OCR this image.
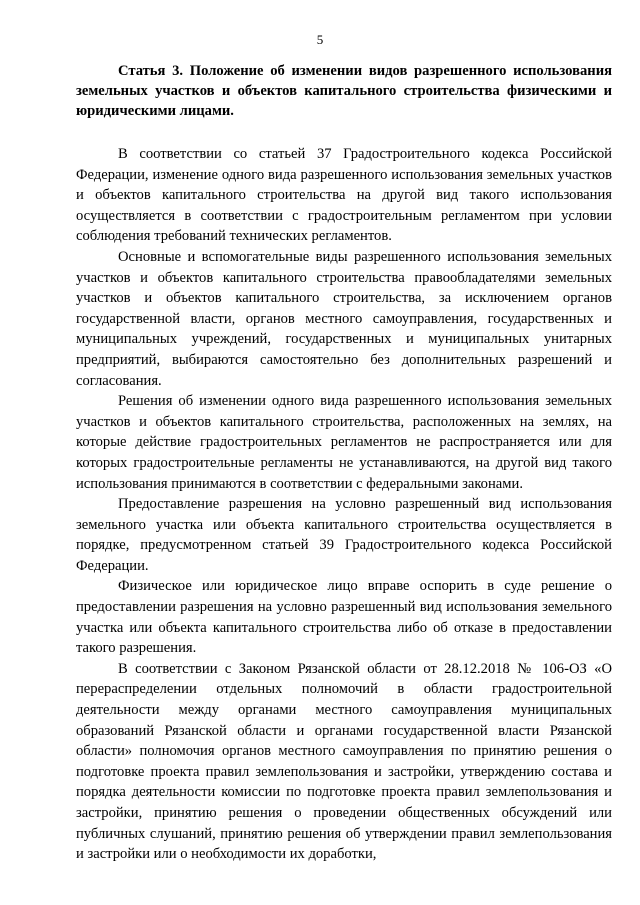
5

Статья 3. Положение об изменении видов разрешенного использования земельных участков и объектов капитального строительства физическими и юридическими лицами.

В соответствии со статьей 37 Градостроительного кодекса Российской Федерации, изменение одного вида разрешенного использования земельных участков и объектов капитального строительства на другой вид такого использования осуществляется в соответствии с градостроительным регламентом при условии соблюдения требований технических регламентов.

Основные и вспомогательные виды разрешенного использования земельных участков и объектов капитального строительства правообладателями земельных участков и объектов капитального строительства, за исключением органов государственной власти, органов местного самоуправления, государственных и муниципальных учреждений, государственных и муниципальных унитарных предприятий, выбираются самостоятельно без дополнительных разрешений и согласования.

Решения об изменении одного вида разрешенного использования земельных участков и объектов капитального строительства, расположенных на землях, на которые действие градостроительных регламентов не распространяется или для которых градостроительные регламенты не устанавливаются, на другой вид такого использования принимаются в соответствии с федеральными законами.

Предоставление разрешения на условно разрешенный вид использования земельного участка или объекта капитального строительства осуществляется в порядке, предусмотренном статьей 39 Градостроительного кодекса Российской Федерации.

Физическое или юридическое лицо вправе оспорить в суде решение о предоставлении разрешения на условно разрешенный вид использования земельного участка или объекта капитального строительства либо об отказе в предоставлении такого разрешения.

В соответствии с Законом Рязанской области от 28.12.2018 № 106-ОЗ «О перераспределении отдельных полномочий в области градостроительной деятельности между органами местного самоуправления муниципальных образований Рязанской области и органами государственной власти Рязанской области» полномочия органов местного самоуправления по принятию решения о подготовке проекта правил землепользования и застройки, утверждению состава и порядка деятельности комиссии по подготовке проекта правил землепользования и застройки, принятию решения о проведении общественных обсуждений или публичных слушаний, принятию решения об утверждении правил землепользования и застройки или о необходимости их доработки,
